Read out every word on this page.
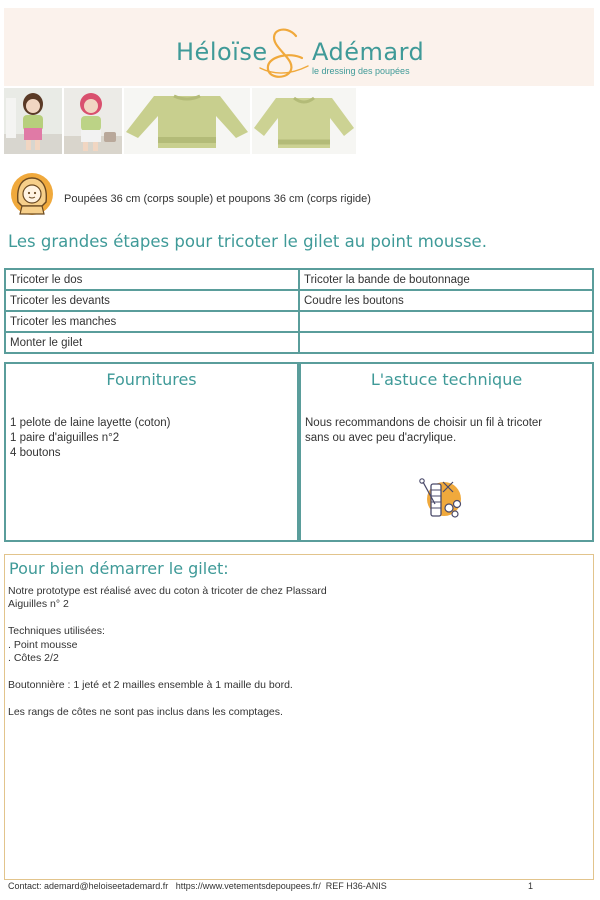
Héloïse Adémard
le dressing des poupées
Poupées 36 cm (corps souple) et poupons 36 cm (corps rigide)
Les grandes étapes pour tricoter le gilet au point mousse.
Tricoter le dos	Tricoter la bande de boutonnage
Tricoter les devants	Coudre les boutons
Tricoter les manches	
Monter le gilet	
Fournitures
1 pelote de laine layette (coton)
1 paire d'aiguilles n°2
4 boutons
L'astuce technique
Nous recommandons de choisir un fil à tricoter
sans ou avec peu d'acrylique.
Pour bien démarrer le gilet:
Notre prototype est réalisé avec du coton à tricoter de chez Plassard
Aiguilles n° 2
Techniques utilisées:
. Point mousse
. Côtes 2/2
Boutonnière : 1 jeté et 2 mailles ensemble à 1 maille du bord.
Les rangs de côtes ne sont pas inclus dans les comptages.
Contact: ademard@heloiseetademard.fr   https://www.vetementsdepoupees.fr/  REF H36-ANIS	1
